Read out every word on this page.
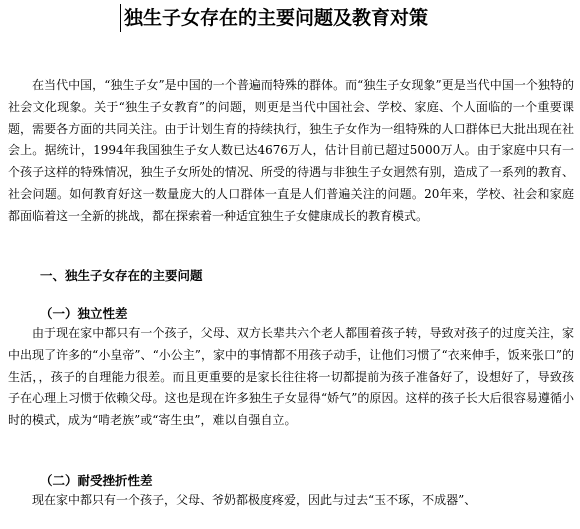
独生子女存在的主要问题及教育对策

在当代中国，“独生子女”是中国的一个普遍而特殊的群体。而“独生子女现象”更是当代中国一个独特的社会文化现象。关于“独生子女教育”的问题，则更是当代中国社会、学校、家庭、个人面临的一个重要课题，需要各方面的共同关注。由于计划生育的持续执行，独生子女作为一组特殊的人口群体已大批出现在社会上。据统计，1994年我国独生子女人数已达4676万人，估计目前已超过5000万人。由于家庭中只有一个孩子这样的特殊情况，独生子女所处的情况、所受的待遇与非独生子女迥然有别，造成了一系列的教育、社会问题。如何教育好这一数量庞大的人口群体一直是人们普遍关注的问题。20年来，学校、社会和家庭都面临着这一全新的挑战，都在探索着一种适宜独生子女健康成长的教育模式。

一、独生子女存在的主要问题
（一）独立性差

由于现在家中都只有一个孩子，父母、双方长辈共六个老人都围着孩子转，导致对孩子的过度关注，家中出现了许多的“小皇帝”、“小公主”，家中的事情都不用孩子动手，让他们习惯了“衣来伸手，饭来张口”的生活，，孩子的自理能力很差。而且更重要的是家长往往将一切都提前为孩子准备好了，设想好了，导致孩子在心理上习惯于依赖父母。这也是现在许多独生子女显得“娇气”的原因。这样的孩子长大后很容易遵循小时的模式，成为“啃老族”或“寄生虫”，难以自强自立。

（二）耐受挫折性差

现在家中都只有一个孩子，父母、爷奶都极度疼爱，因此与过去“玉不琢，不成器”、
